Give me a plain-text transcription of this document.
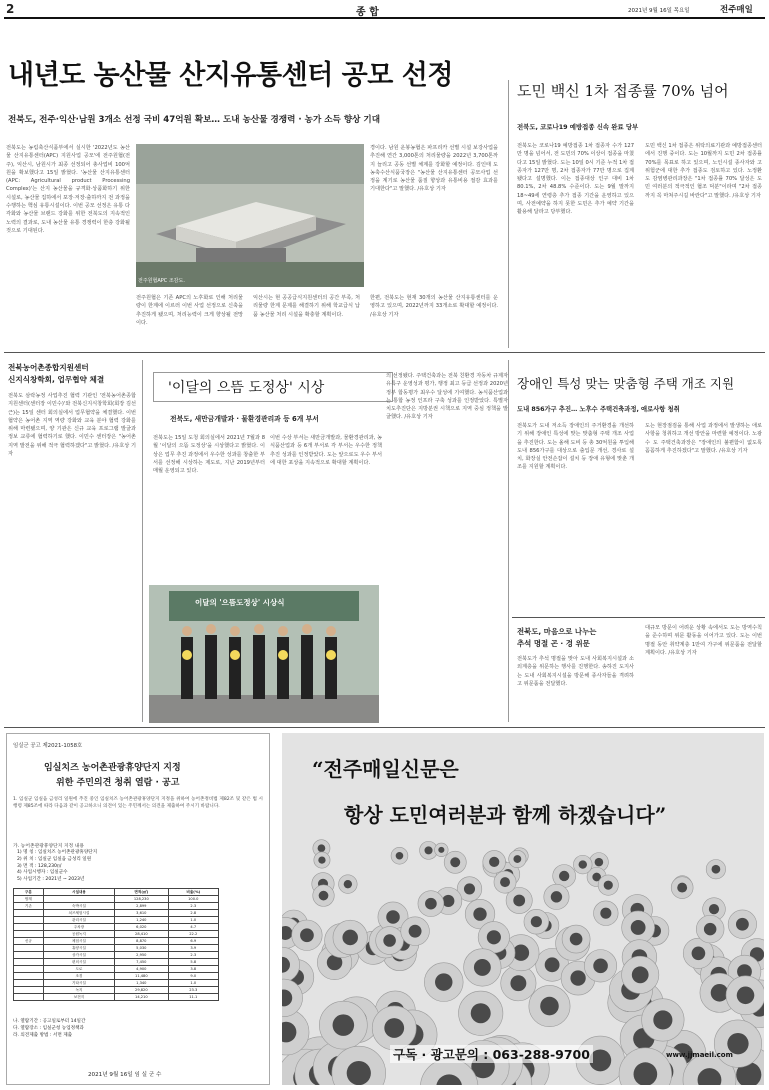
2	종 합	2021년 9월 16일 목요일	전주매일
내년도 농산물 산지유통센터 공모 선정
전북도, 전주·익산·남원 3개소 선정 국비 47억원 확보… 도내 농산물 경쟁력 · 농가 소득 향상 기대
전주원협APC 조감도.
전북도는 농림축산식품부에서 실시한 '2022년도 농산물 산지유통센터(APC) 지원사업 공모'에 전주원협(전주), 익산시, 남원시가 최종 선정되어 총사업비 100억원을 확보했다고 15일 밝혔다. '농산물 산지유통센터(APC: Agricultural product Processing Complex)'는 산지 농산물을 규격화·상품화하기 위한 시설로, 농산물 집하에서 포장·저장·출하까지 전 과정을 수행하는 핵심 유통시설이다. 이번 공모 선정은 유통 다각화와 농산물 브랜드 강화를 위한 전북도의 지속적인 노력의 결과로, 도내 농산물 유통 경쟁력이 한층 강화될 것으로 기대된다.
전주원협은 기존 APC의 노후화로 인해 처리물량이 한계에 이르러 이번 사업 선정으로 신축을 추진하게 됐으며, 처리능력이 크게 향상될 전망이다.
익산시는 현 공공급식지원센터의 공간 부족, 처리물량 한계 문제를 해결하기 위해 학교급식 납품 농산물 처리 시설을 확충할 계획이다.
경이다. 남원 운봉농협은 파프리카 선별 시설 보강사업을 추진해 연간 3,000톤의 처리물량을 2022년 3,700톤까지 늘리고 공동 선별 체계를 강화할 예정이다. 김인태 도 농축수산식품국장은 "농산물 산지유통센터 공모사업 선정을 계기로 농산물 품질 향상과 유통비용 절감 효과를 기대한다"고 말했다. /유호상 기자
한편, 전북도는 현재 30개의 농산물 산지유통센터를 운영하고 있으며, 2022년까지 33개소로 확대할 예정이다. /유호상 기자
도민 백신 1차 접종률 70% 넘어
전북도, 코로나19 예방접종 신속 완료 당부
전북도는 코로나19 예방접종 1차 접종자 수가 127만 명을 넘어서, 전 도민의 70% 이상이 접종을 마쳤다고 15일 밝혔다. 도는 10일 0시 기준 누적 1차 접종자가 127만 명, 2차 접종자가 77만 명으로 집계됐다고 설명했다. 이는 접종대상 인구 대비 1차 80.1%, 2차 48.8% 수준이다. 도는 9월 말까지 18~49세 연령층 추가 접종 기간을 운영하고 있으며, 사전예약을 하지 못한 도민은 추가 예약 기간을 활용해 달라고 당부했다.
도민 백신 1차 접종은 위탁의료기관과 예방접종센터에서 진행 중이다. 도는 10월까지 도민 2차 접종률 70%를 목표로 하고 있으며, 노인시설 종사자와 고위험군에 대한 추가 접종도 검토하고 있다. 노정환 도 감염병관리과장은 "1차 접종률 70% 달성은 도민 여러분의 적극적인 협조 덕분"이라며 "2차 접종까지 꼭 마쳐주시길 바란다"고 말했다. /유호상 기자
전북농어촌종합지원센터
신지식창학회, 업무협약 체결
전북도 삼락농정 사업추진 협력 기관인 '전북농어촌종합지원센터(센터장 이민수)'와 전북신지식창학회(회장 김선근)는 15일 센터 회의실에서 업무협약을 체결했다. 이번 협약은 농어촌 지역 역량 강화와 교육 분야 협력 강화를 위해 마련됐으며, 양 기관은 신규 교육 프로그램 발굴과 정보 교류에 협력하기로 했다. 이민수 센터장은 "농어촌 지역 발전을 위해 적극 협력하겠다"고 밝혔다. /유호상 기자
'이달의 으뜸 도정상' 시상
전북도, 새만금개발과 · 물환경관리과 등 6개 부서
전북도는 15일 도청 회의실에서 2021년 7월과 8월 '이달의 으뜸 도정상'을 시상했다고 밝혔다. 이 상은 업무 추진 과정에서 우수한 성과를 창출한 부서를 선정해 시상하는 제도로, 지난 2019년부터 매월 운영되고 있다.
이번 수상 부서는 새만금개발과, 물환경관리과, 농식품산업과 등 6개 부서로 각 부서는 우수한 정책 추진 성과를 인정받았다. 도는 앞으로도 우수 부서에 대한 포상을 지속적으로 확대할 계획이다.
의 선정됐다. 주택건축과는 전북 친환경 자동차 규제자유특구 운영성과 평가, 행정 최고 등급 선정과 2020년 정부 합동평가 최우수 달성에 기여했다. 농식품산업과는 통합 농정 인프라 구축 성과를 인정받았다. 특별자치도추진단은 지방분권 시책으로 지역 중심 정책을 발굴했다. /유호상 기자
이달의 '으뜸도정상' 시상식
장애인 특성 맞는 맞춤형 주택 개조 지원
도내 856가구 추진… 노후수 주택건축과정, 애로사항 청취
전북도가 도내 저소득 장애인의 주거환경을 개선하기 위해 장애인 특성에 맞는 맞춤형 주택 개조 사업을 추진한다. 도는 올해 도비 등 총 30억원을 투입해 도내 856가구를 대상으로 출입문 개선, 경사로 설치, 화장실 안전손잡이 설치 등 장애 유형에 맞춘 개조를 지원할 계획이다.
도는 현장점검을 통해 사업 과정에서 발생하는 애로사항을 청취하고 개선 방안을 마련할 예정이다. 노광수 도 주택건축과장은 "장애인의 불편함이 없도록 꼼꼼하게 추진하겠다"고 말했다. /유호상 기자
전북도, 마음으로 나누는
추석 명절 곤 · 경 위문
전북도가 추석 명절을 맞아 도내 사회복지시설과 소외계층을 위문하는 행사를 진행한다. 송하진 도지사는 도내 사회복지시설을 방문해 종사자들을 격려하고 위문품을 전달했다.
대규모 방문이 어려운 상황 속에서도 도는 방역수칙을 준수하며 위문 활동을 이어가고 있다. 도는 이번 명절 동안 취약계층 1만여 가구에 위문품을 전달할 계획이다. /유호상 기자
임실군 공고 제2021-1058호
임실치즈 농어촌관광휴양단지 지정
위한 주민의견 청취 열람 · 공고
1. 임실군 임실읍 금성리 일원에 추진 중인 임실치즈 농어촌관광휴양단지 지정을 위하여 농어촌정비법 제82조 및 같은 법 시행령 제85조에 따라 다음과 같이 공고하오니 의견이 있는 주민께서는 의견을 제출하여 주시기 바랍니다.
가. 농어촌관광휴양단지 지정 내용
1) 명 칭 : 임실치즈 농어촌관광휴양단지
2) 위 치 : 임실군 임실읍 금성리 일원
3) 면 적 : 128,230㎡
4) 사업시행자 : 임실군수
5) 사업기간 : 2021년 ~ 2023년
구분	시설내용	면적(㎡)	비율(%)
합계		128,230	100.0
기존	숙박시설	2,899	2.3
	치즈체험시설	3,610	2.8
	관리시설	1,240	1.0
	주차장	6,020	4.7
	공원녹지	28,410	22.2
신규	체험시설	8,870	6.9
	휴양시설	5,030	3.9
	상가시설	2,950	2.3
	편의시설	7,450	5.8
	도로	4,900	3.8
	조경	11,480	9.0
	기타시설	1,340	1.0
	녹지	29,820	23.3
	보전지	14,210	11.1
나. 열람기간 : 공고일로부터 14일간
다. 열람장소 : 임실군청 농업정책과
라. 의견제출 방법 : 서면 제출
2021년 9월 16일 임 실 군 수
“전주매일신문은
항상 도민여러분과 함께 하겠습니다”
구독 · 광고문의 : 063-288-9700	www.jjmaeil.com
